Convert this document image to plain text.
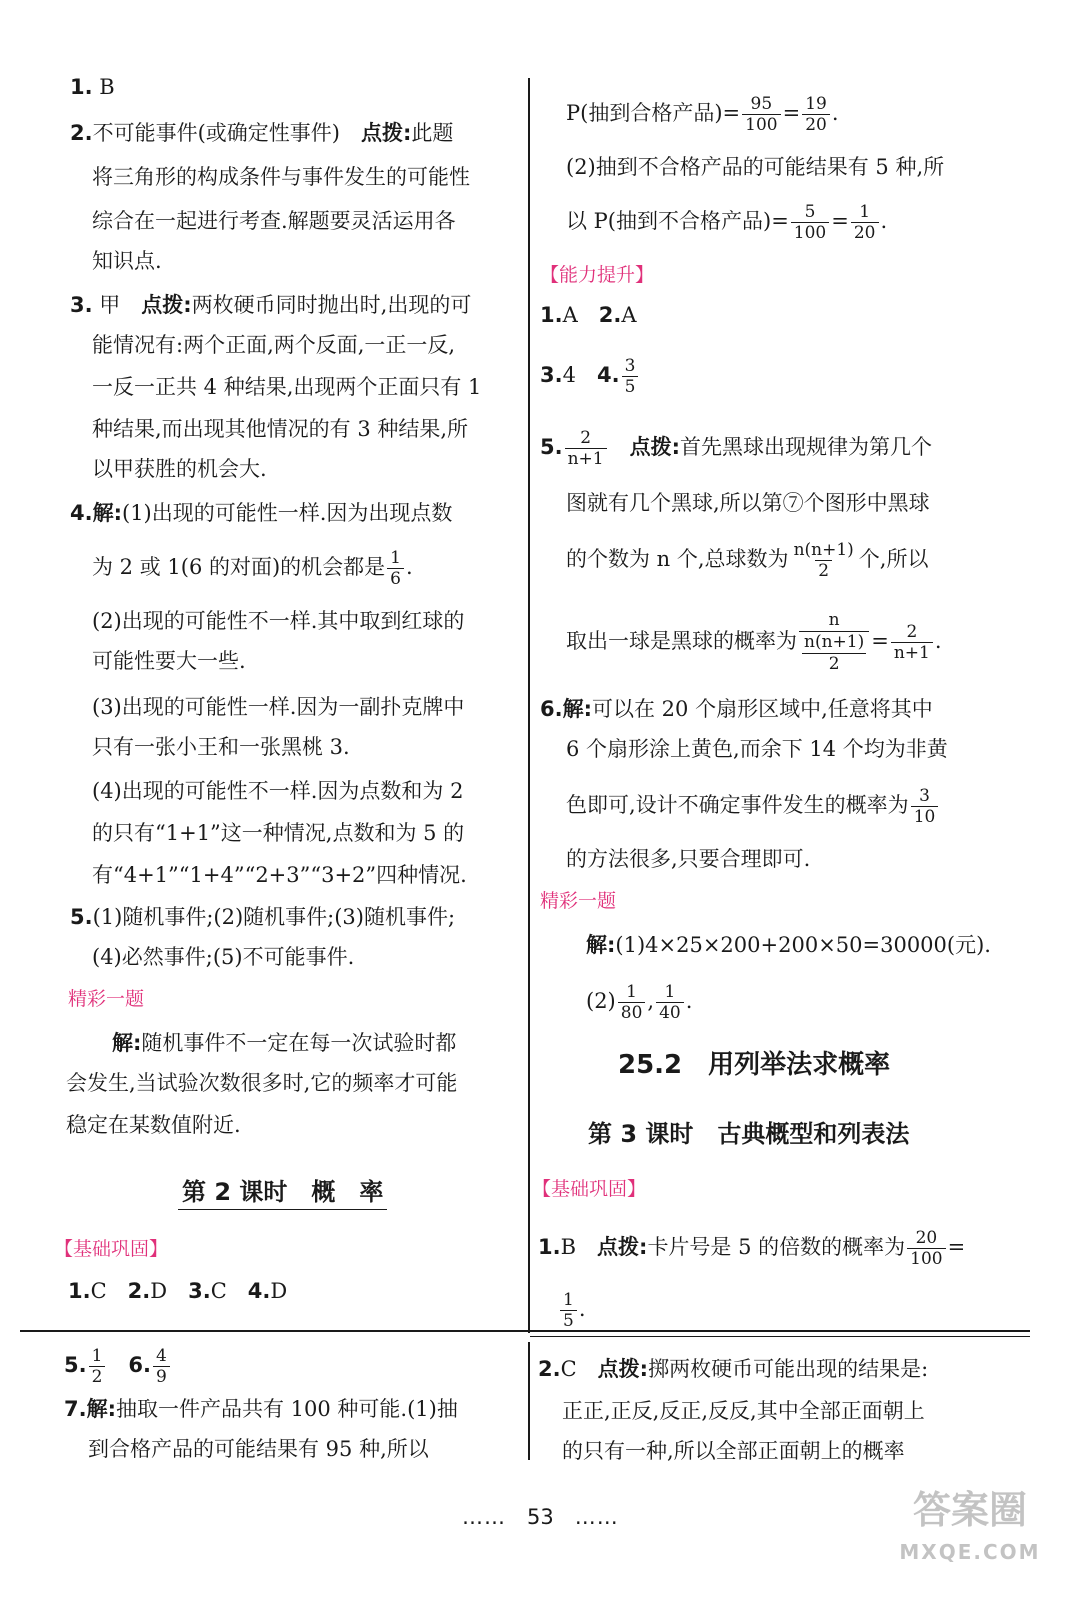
1. B
2.不可能事件(或确定性事件)　 点拨:此题
将三角形的构成条件与事件发生的可能性
综合在一起进行考查.解题要灵活运用各
知识点.
3. 甲　 点拨:两枚硬币同时抛出时,出现的可
能情况有:两个正面,两个反面,一正一反,
一反一正共 4 种结果,出现两个正面只有 1
种结果,而出现其他情况的有 3 种结果,所
以甲获胜的机会大.
4.解:(1)出现的可能性一样.因为出现点数
为 2 或 1(6 的对面)的机会都是 $\frac{1}{6}$ .
(2)出现的可能性不一样.其中取到红球的
可能性要大一些.
(3)出现的可能性一样.因为一副扑克牌中
只有一张小王和一张黑桃 3.
(4)出现的可能性不一样.因为点数和为 2
的只有“1+1”这一种情况,点数和为 5 的
有“4+1”“1+4”“2+3”“3+2”四种情况.
5.(1)随机事件;(2)随机事件;(3)随机事件;
(4)必然事件;(5)不可能事件.
精彩一题
解:随机事件不一定在每一次试验时都
会发生,当试验次数很多时,它的频率才可能
稳定在某数值附近.
第 2 课时　概　率
【基础巩固】
1.C　 2.D　 3.C　 4.D
5. $\frac{1}{2}$
　 6. $\frac{4}{9}$
7.解:抽取一件产品共有 100 种可能.(1)抽
到合格产品的可能结果有 95 种,所以
P(抽到合格产品)= $\frac{95}{100} = \frac{19}{20}$ .
(2)抽到不合格产品的可能结果有 5 种,所
以 P(抽到不合格产品)= $\frac{5}{100} = \frac{1}{20}$ .
【能力提升】
1.A　 2.A
3.4　 4. $\frac{3}{5}$
5. $\frac{2}{n+1}$
　 点拨:首先黑球出现规律为第几个
图就有几个黑球,所以第⑦个图形中黑球
的个数为 n 个,总球数为 $\frac{n(n+1)}{2}$ 个,所以
取出一球是黑球的概率为 n
n(n+1)
$2 = \frac{2}{n+1}$ .
6.解:可以在 20 个扇形区域中,任意将其中
6 个扇形涂上黄色,而余下 14 个均为非黄
色即可,设计不确定事件发生的概率为 $\frac{3}{10}$
的方法很多,只要合理即可.
精彩一题
解:(1)4×25×200+200×50=30000(元).
$(2) \frac{1}{80}$ , $\frac{1}{40}$ .
25.2　用列举法求概率
第 3 课时　古典概型和列表法
【基础巩固】
1.B　 点拨:卡片号是 5 的倍数的概率为 $\frac{20}{100}$ =
$\frac{1}{5}$ .
2.C　 点拨:掷两枚硬币可能出现的结果是:
正正,正反,反正,反反,其中全部正面朝上
的只有一种,所以全部正面朝上的概率
……　 53　 ……	答案圈
MXQE.COM
